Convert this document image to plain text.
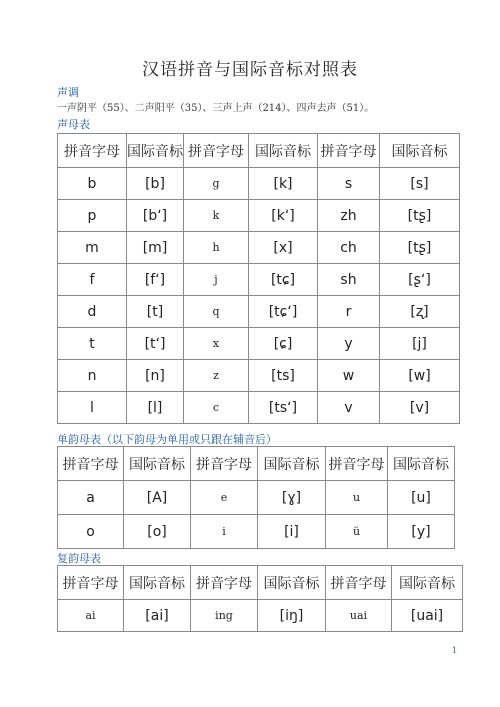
汉语拼音与国际音标对照表
声调
一声阴平（55）、二声阳平（35）、三声上声（214）、四声去声（51）。
声母表
拼音字母	国际音标	拼音字母	国际音标	拼音字母	国际音标
b	[b]	g	[k]	s	[s]
p	[bʻ]	k	[kʻ]	zh	[tʂ]
m	[m]	h	[x]	ch	[tʂ]
f	[fʻ]	j	[tɕ]	sh	[ʂʻ]
d	[t]	q	[tɕʻ]	r	[ʐ]
t	[tʻ]	x	[ɕ]	y	[j]
n	[n]	z	[ts]	w	[w]
l	[l]	c	[tsʻ]	v	[v]
单韵母表（以下韵母为单用或只跟在辅音后）
拼音字母	国际音标	拼音字母	国际音标	拼音字母	国际音标
a	[A]	e	[ɣ]	u	[u]
o	[o]	i	[i]	ü	[y]
复韵母表
拼音字母	国际音标	拼音字母	国际音标	拼音字母	国际音标
ai	[ai]	ing	[iŋ]	uai	[uai]
1
